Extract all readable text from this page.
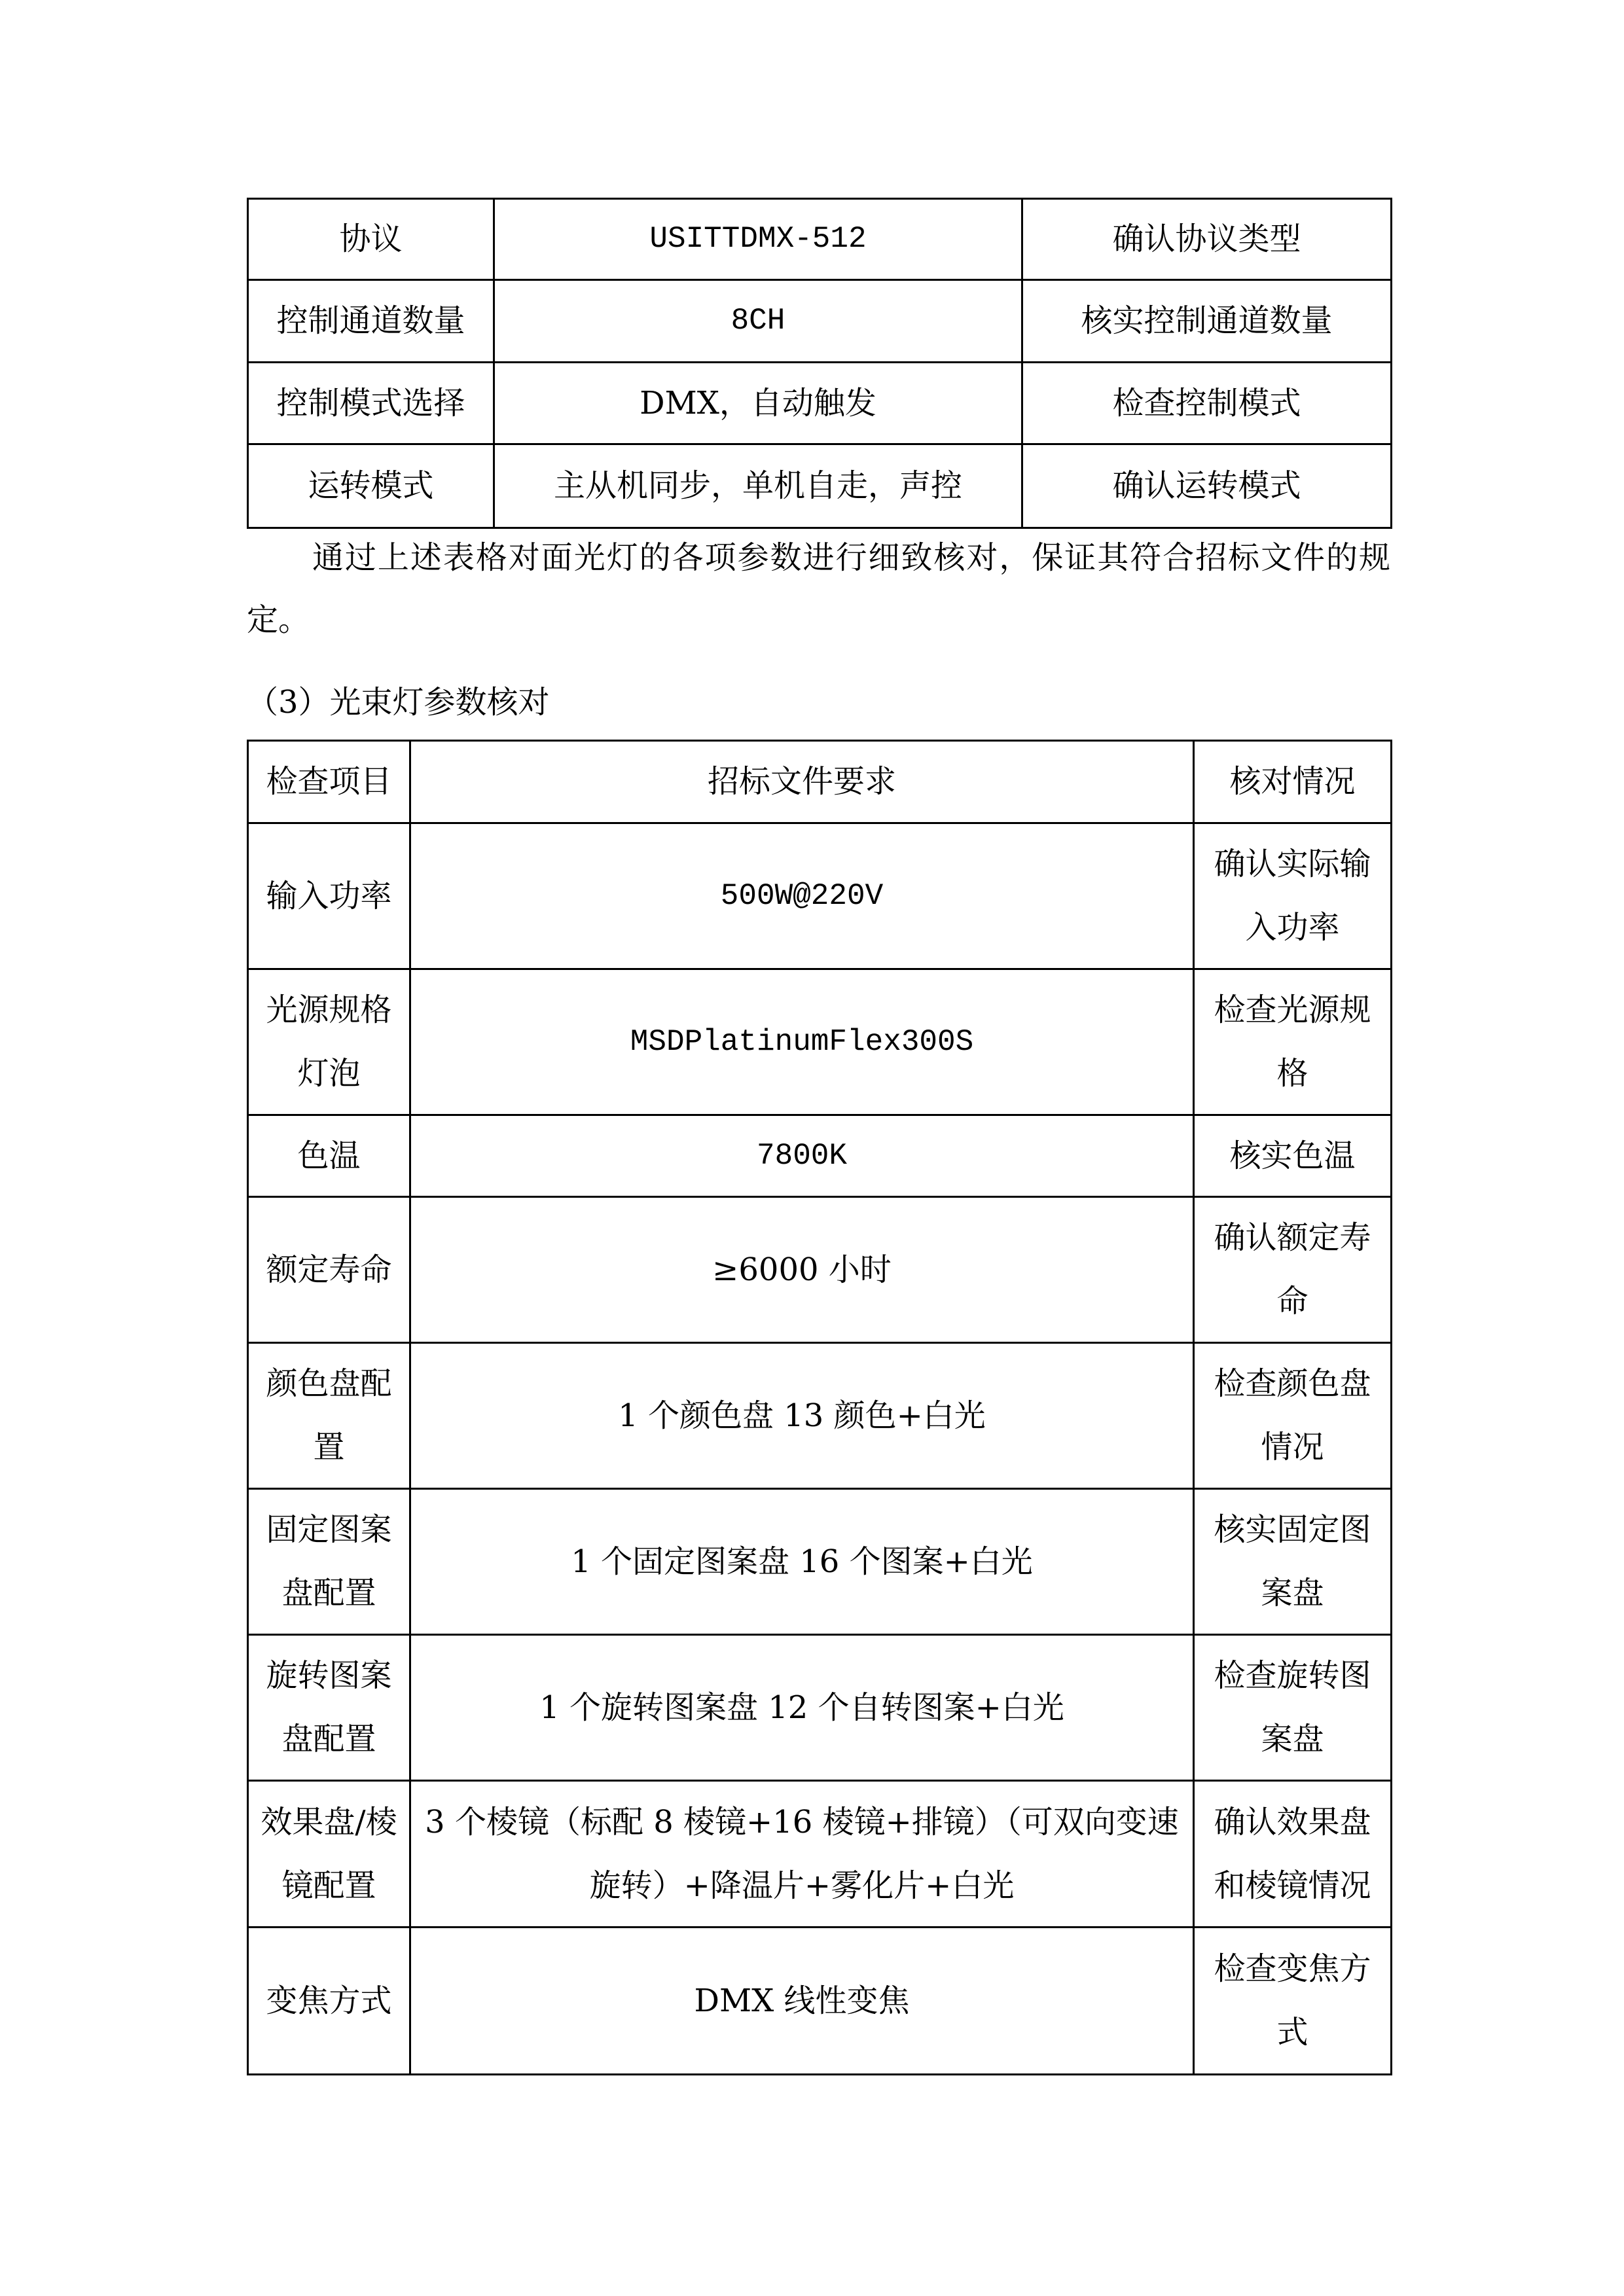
协议	USITTDMX-512	确认协议类型
控制通道数量	8CH	核实控制通道数量
控制模式选择	DMX，自动触发	检查控制模式
运转模式	主从机同步，单机自走，声控	确认运转模式
通过上述表格对面光灯的各项参数进行细致核对，保证其符合招标文件的规定。
（3）光束灯参数核对
检查项目	招标文件要求	核对情况
输入功率	500W@220V	确认实际输入功率
光源规格灯泡	MSDPlatinumFlex300S	检查光源规格
色温	7800K	核实色温
额定寿命	≥6000 小时	确认额定寿命
颜色盘配置	1 个颜色盘 13 颜色+白光	检查颜色盘情况
固定图案盘配置	1 个固定图案盘 16 个图案+白光	核实固定图案盘
旋转图案盘配置	1 个旋转图案盘 12 个自转图案+白光	检查旋转图案盘
效果盘/棱镜配置	3 个棱镜（标配 8 棱镜+16 棱镜+排镜）（可双向变速旋转）+降温片+雾化片+白光	确认效果盘和棱镜情况
变焦方式	DMX 线性变焦	检查变焦方式
